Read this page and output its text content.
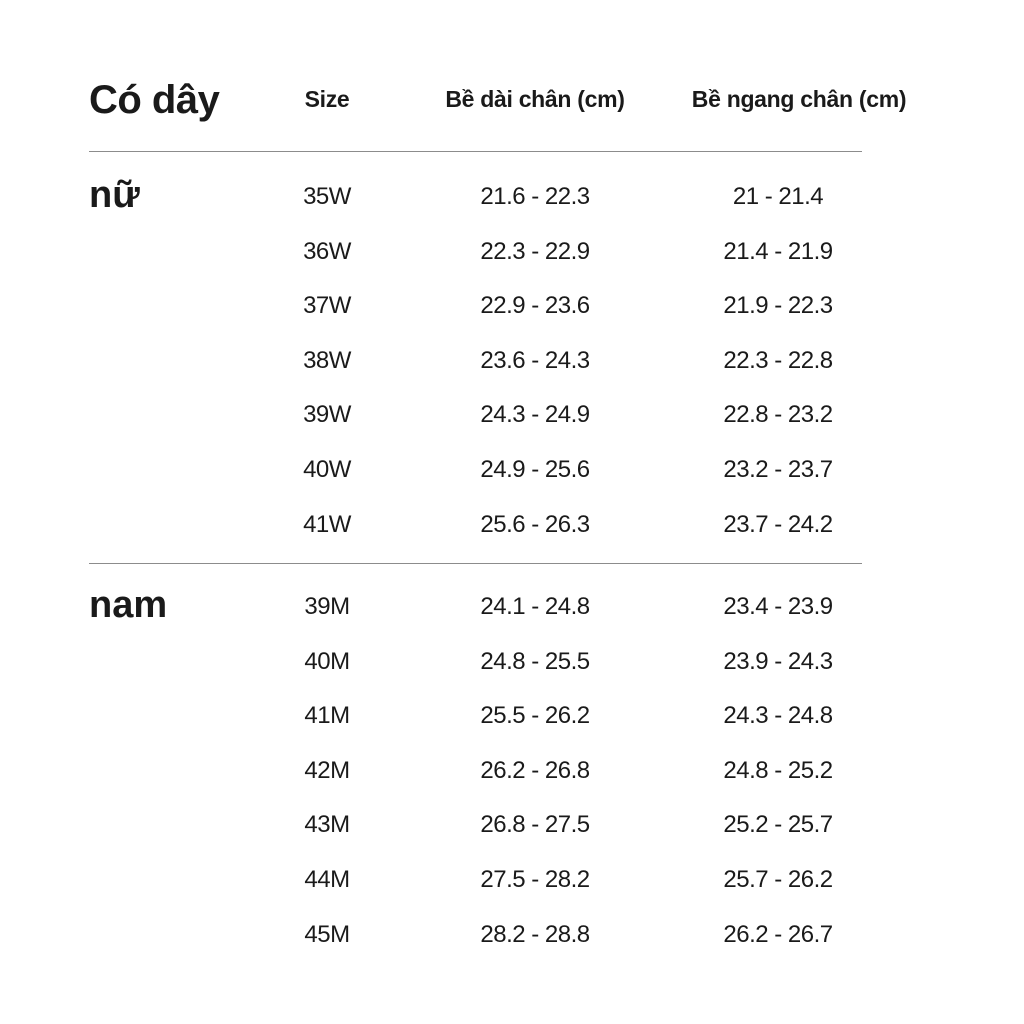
Có dây	Size	Bề dài chân (cm)	Bề ngang chân (cm)
nữ	35W	21.6 - 22.3	21 - 21.4
36W	22.3 - 22.9	21.4 - 21.9
37W	22.9 - 23.6	21.9 - 22.3
38W	23.6 - 24.3	22.3 - 22.8
39W	24.3 - 24.9	22.8 - 23.2
40W	24.9 - 25.6	23.2 - 23.7
41W	25.6 - 26.3	23.7 - 24.2
nam	39M	24.1 - 24.8	23.4 - 23.9
40M	24.8 - 25.5	23.9 - 24.3
41M	25.5 - 26.2	24.3 - 24.8
42M	26.2 - 26.8	24.8 - 25.2
43M	26.8 - 27.5	25.2 - 25.7
44M	27.5 - 28.2	25.7 - 26.2
45M	28.2 - 28.8	26.2 - 26.7
